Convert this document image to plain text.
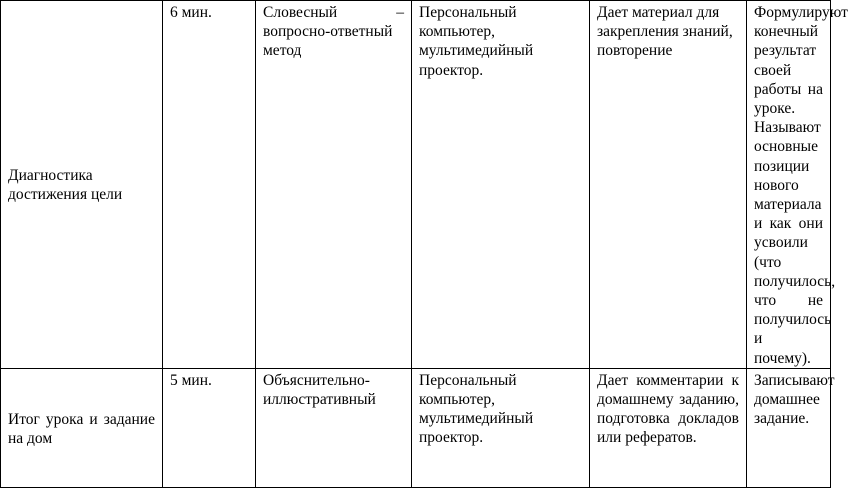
Диагностика достижения цели	6 мин.	Словесный – вопросно-ответный метод	Персональный компьютер, мультимедийный проектор.	Дает материал для закрепления знаний, повторение	Формулируют конечный результат своей работы на уроке. Называют основные позиции нового материала и как они усвоили (что получилось, что не получилось и почему).
Итог урока и задание на дом	5 мин.	Объяснительно-иллюстративный	Персональный компьютер, мультимедийный проектор.	Дает комментарии к домашнему заданию, подготовка докладов или рефератов.	Записывают домашнее задание.
